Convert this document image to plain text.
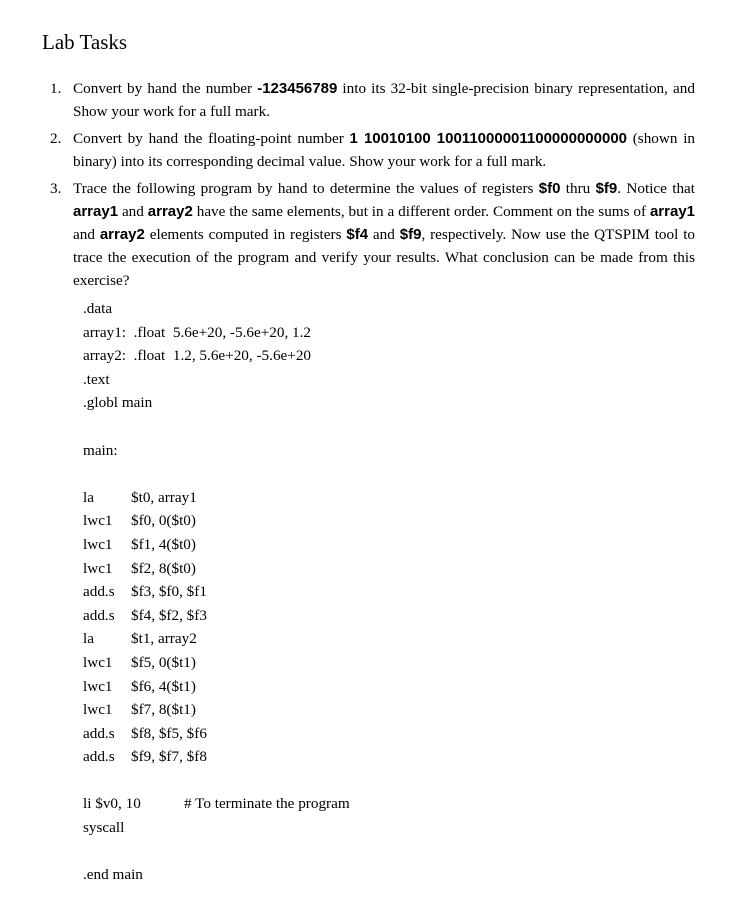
Lab Tasks
1. Convert by hand the number -123456789 into its 32-bit single-precision binary representation, and Show your work for a full mark.
2. Convert by hand the floating-point number 1 10010100 10011000001100000000000 (shown in binary) into its corresponding decimal value. Show your work for a full mark.
3. Trace the following program by hand to determine the values of registers $f0 thru $f9. Notice that array1 and array2 have the same elements, but in a different order. Comment on the sums of array1 and array2 elements computed in registers $f4 and $f9, respectively. Now use the QTSPIM tool to trace the execution of the program and verify your results. What conclusion can be made from this exercise?
.data
array1: .float 5.6e+20, -5.6e+20, 1.2
array2: .float 1.2, 5.6e+20, -5.6e+20
.text
.globl main
main:
la $t0, array1
lwc1 $f0, 0($t0)
lwc1 $f1, 4($t0)
lwc1 $f2, 8($t0)
add.s $f3, $f0, $f1
add.s $f4, $f2, $f3
la $t1, array2
lwc1 $f5, 0($t1)
lwc1 $f6, 4($t1)
lwc1 $f7, 8($t1)
add.s $f8, $f5, $f6
add.s $f9, $f7, $f8
li $v0, 10	# To terminate the program
syscall
.end main
